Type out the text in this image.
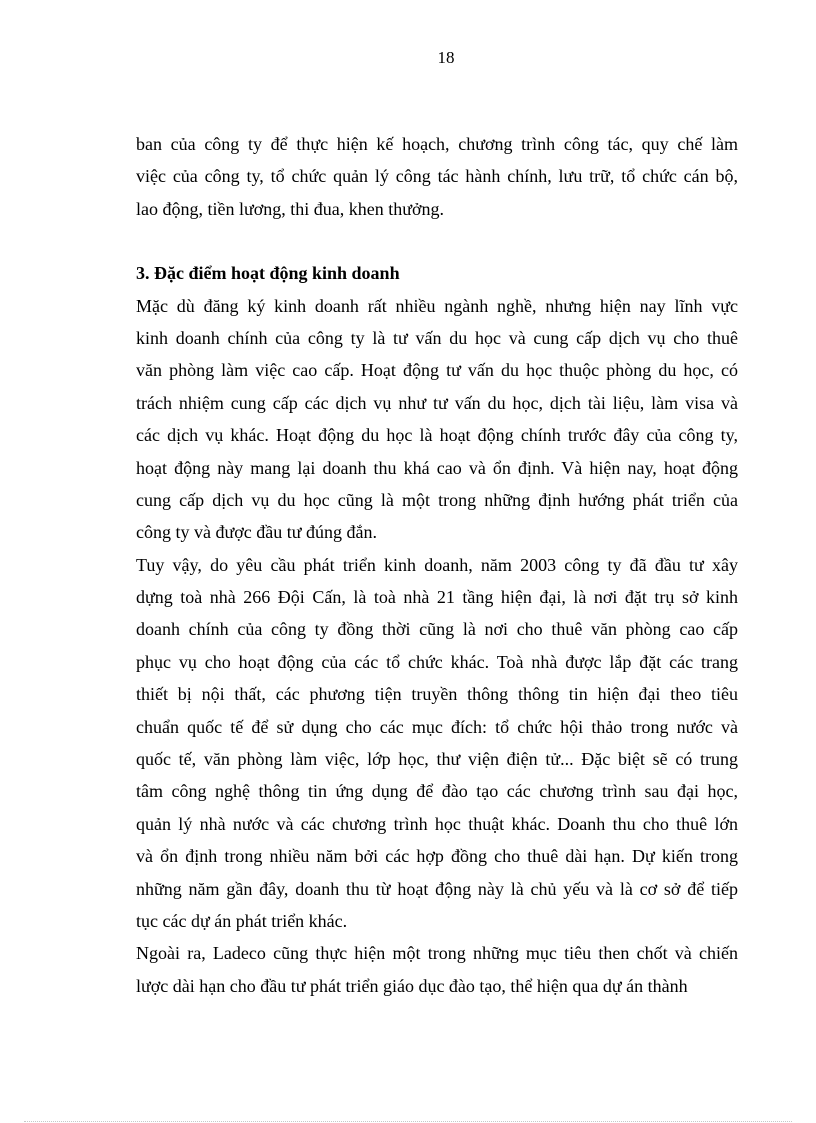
18
ban của công ty để thực hiện kế hoạch, chương trình công tác, quy chế làm
việc của công ty, tổ chức quản lý công tác hành chính, lưu trữ, tổ chức cán bộ,
lao động, tiền lương, thi đua, khen thưởng.
3. Đặc điểm hoạt động kinh doanh
Mặc dù đăng ký kinh doanh rất nhiều ngành nghề, nhưng hiện nay lĩnh vực
kinh doanh chính của công ty là tư vấn du học và cung cấp dịch vụ cho thuê
văn phòng làm việc cao cấp. Hoạt động tư vấn du học thuộc phòng du học, có
trách nhiệm cung cấp các dịch vụ như tư vấn du học, dịch tài liệu, làm visa và
các dịch vụ khác. Hoạt động du học là hoạt động chính trước đây của công ty,
hoạt động này mang lại doanh thu khá cao và ổn định. Và hiện nay, hoạt động
cung cấp dịch vụ du học cũng là một trong những định hướng phát triển của
công ty và được đầu tư đúng đắn.
Tuy vậy, do yêu cầu phát triển kinh doanh, năm 2003 công ty đã đầu tư xây
dựng toà nhà 266 Đội Cấn, là toà nhà 21 tầng hiện đại, là nơi đặt trụ sở kinh
doanh chính của công ty đồng thời cũng là nơi cho thuê văn phòng cao cấp
phục vụ cho hoạt động của các tổ chức khác. Toà nhà được lắp đặt các trang
thiết bị nội thất, các phương tiện truyền thông thông tin hiện đại theo tiêu
chuẩn quốc tế để sử dụng cho các mục đích: tổ chức hội thảo trong nước và
quốc tế, văn phòng làm việc, lớp học, thư viện điện tử... Đặc biệt sẽ có trung
tâm công nghệ thông tin ứng dụng để đào tạo các chương trình sau đại học,
quản lý nhà nước và các chương trình học thuật khác. Doanh thu cho thuê lớn
và ổn định trong nhiều năm bởi các hợp đồng cho thuê dài hạn. Dự kiến trong
những năm gần đây, doanh thu từ hoạt động này là chủ yếu và là cơ sở để tiếp
tục các dự án phát triển khác.
Ngoài ra, Ladeco cũng thực hiện một trong những mục tiêu then chốt và chiến
lược dài hạn cho đầu tư phát triển giáo dục đào tạo, thể hiện qua dự án thành
